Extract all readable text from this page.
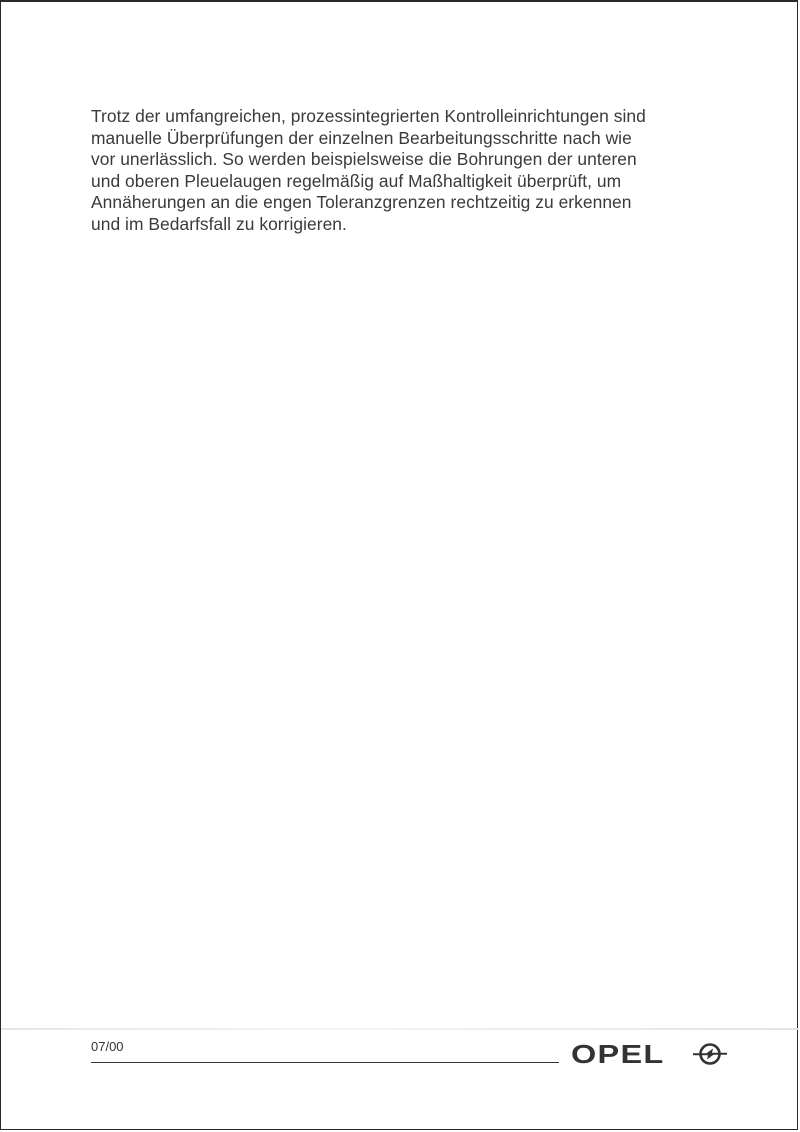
Trotz der umfangreichen, prozessintegrierten Kontrolleinrichtungen sind
manuelle Überprüfungen der einzelnen Bearbeitungsschritte nach wie
vor unerlässlich. So werden beispielsweise die Bohrungen der unteren
und oberen Pleuelaugen regelmäßig auf Maßhaltigkeit überprüft, um
Annäherungen an die engen Toleranzgrenzen rechtzeitig zu erkennen
und im Bedarfsfall zu korrigieren.

07/00	OPEL
